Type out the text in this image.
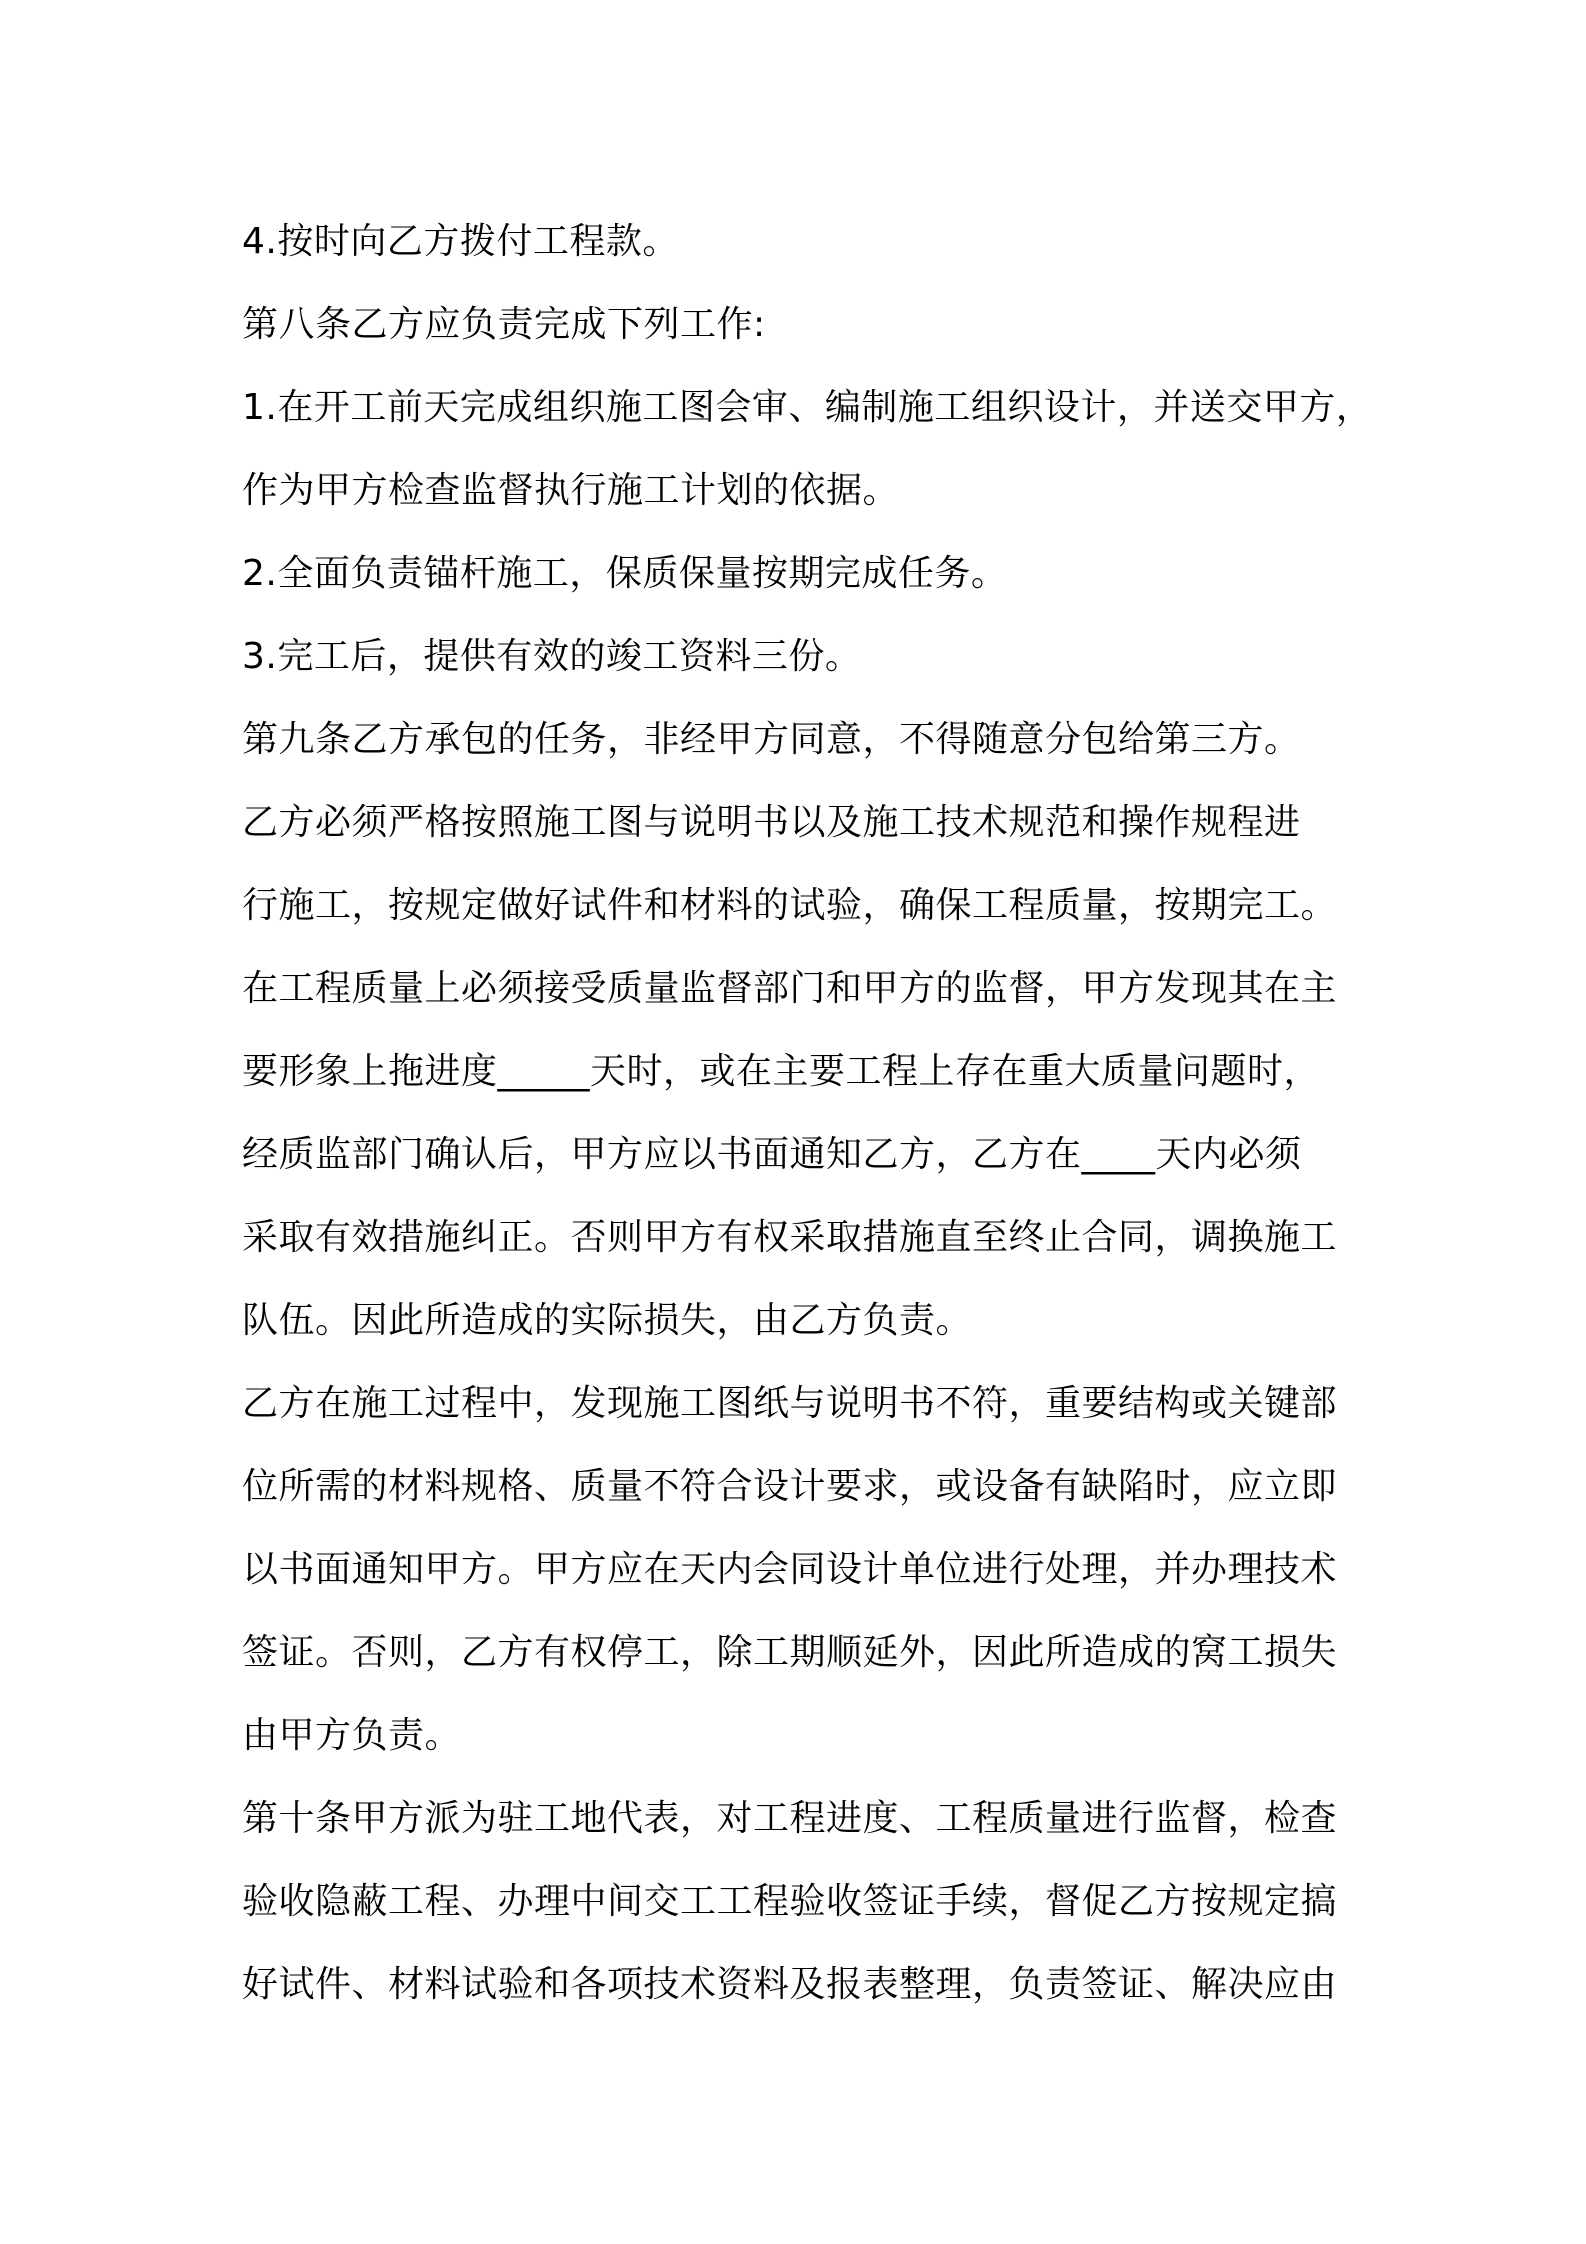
4.按时向乙方拨付工程款。
第八条乙方应负责完成下列工作:
1.在开工前天完成组织施工图会审、编制施工组织设计，并送交甲方，
作为甲方检查监督执行施工计划的依据。
2.全面负责锚杆施工，保质保量按期完成任务。
3.完工后，提供有效的竣工资料三份。
第九条乙方承包的任务，非经甲方同意，不得随意分包给第三方。
乙方必须严格按照施工图与说明书以及施工技术规范和操作规程进
行施工，按规定做好试件和材料的试验，确保工程质量，按期完工。
在工程质量上必须接受质量监督部门和甲方的监督，甲方发现其在主
要形象上拖进度_____天时，或在主要工程上存在重大质量问题时，
经质监部门确认后，甲方应以书面通知乙方，乙方在____天内必须
采取有效措施纠正。否则甲方有权采取措施直至终止合同，调换施工
队伍。因此所造成的实际损失，由乙方负责。
乙方在施工过程中，发现施工图纸与说明书不符，重要结构或关键部
位所需的材料规格、质量不符合设计要求，或设备有缺陷时，应立即
以书面通知甲方。甲方应在天内会同设计单位进行处理，并办理技术
签证。否则，乙方有权停工，除工期顺延外，因此所造成的窝工损失
由甲方负责。
第十条甲方派为驻工地代表，对工程进度、工程质量进行监督，检查
验收隐蔽工程、办理中间交工工程验收签证手续，督促乙方按规定搞
好试件、材料试验和各项技术资料及报表整理，负责签证、解决应由
